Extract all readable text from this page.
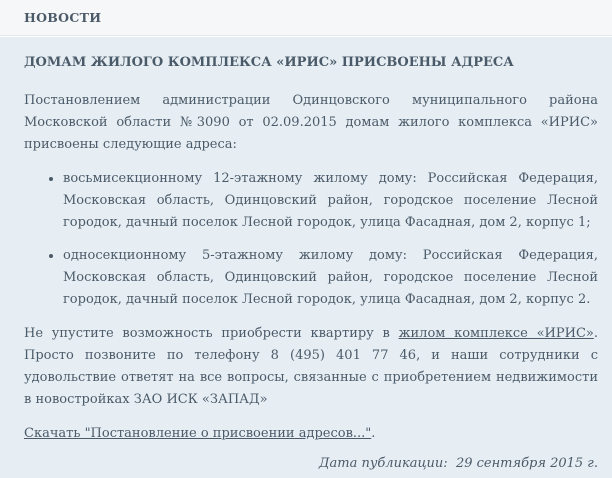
НОВОСТИ
ДОМАМ ЖИЛОГО КОМПЛЕКСА «ИРИС» ПРИСВОЕНЫ АДРЕСА

Постановлением администрации Одинцовского муниципального района Московской области №3090 от 02.09.2015 домам жилого комплекса «ИРИС» присвоены следующие адреса:

• восьмисекционному 12-этажному жилому дому: Российская Федерация, Московская область, Одинцовский район, городское поселение Лесной городок, дачный поселок Лесной городок, улица Фасадная, дом 2, корпус 1;
• односекционному 5-этажному жилому дому: Российская Федерация, Московская область, Одинцовский район, городское поселение Лесной городок, дачный поселок Лесной городок, улица Фасадная, дом 2, корпус 2.

Не упустите возможность приобрести квартиру в жилом комплексе «ИРИС». Просто позвоните по телефону 8 (495) 401 77 46, и наши сотрудники с удовольствие ответят на все вопросы, связанные с приобретением недвижимости в новостройках ЗАО ИСК «ЗАПАД»

Скачать "Постановление о присвоении адресов...".

Дата публикации: 29 сентября 2015 г.
